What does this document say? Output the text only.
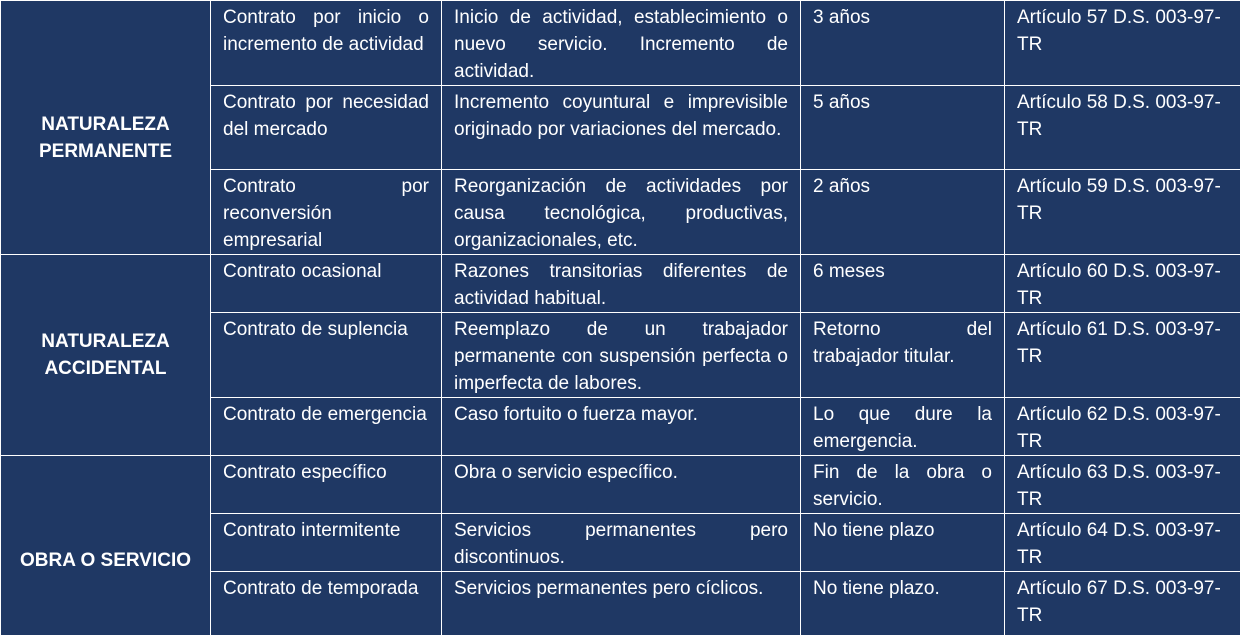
NATURALEZA
PERMANENTE	Contrato por inicio o incremento de actividad	Inicio de actividad, establecimiento o nuevo servicio. Incremento de actividad.	3 años	Artículo 57 D.S. 003-97-TR
	Contrato por necesidad del mercado	Incremento coyuntural e imprevisible originado por variaciones del mercado.	5 años	Artículo 58 D.S. 003-97-TR
	Contrato por reconversión empresarial	Reorganización de actividades por causa tecnológica, productivas, organizacionales, etc.	2 años	Artículo 59 D.S. 003-97-TR

NATURALEZA
ACCIDENTAL	Contrato ocasional	Razones transitorias diferentes de actividad habitual.	6 meses	Artículo 60 D.S. 003-97-TR
	Contrato de suplencia	Reemplazo de un trabajador permanente con suspensión perfecta o imperfecta de labores.	Retorno del trabajador titular.	Artículo 61 D.S. 003-97-TR
	Contrato de emergencia	Caso fortuito o fuerza mayor.	Lo que dure la emergencia.	Artículo 62 D.S. 003-97-TR

OBRA O SERVICIO	Contrato específico	Obra o servicio específico.	Fin de la obra o servicio.	Artículo 63 D.S. 003-97-TR
	Contrato intermitente	Servicios permanentes pero discontinuos.	No tiene plazo	Artículo 64 D.S. 003-97-TR
	Contrato de temporada	Servicios permanentes pero cíclicos.	No tiene plazo.	Artículo 67 D.S. 003-97-TR
